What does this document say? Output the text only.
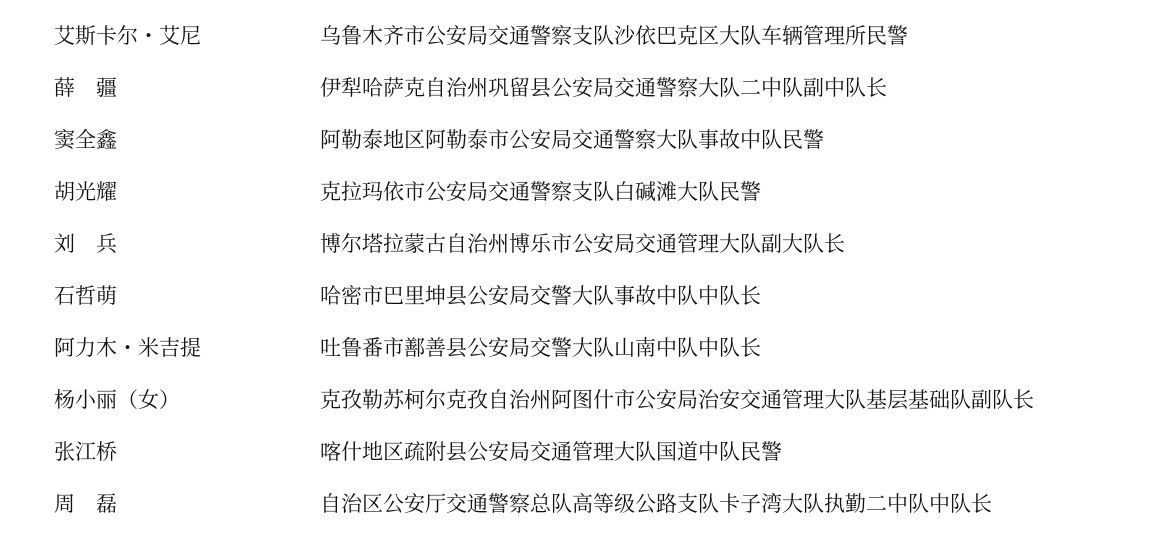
艾斯卡尔・艾尼	乌鲁木齐市公安局交通警察支队沙依巴克区大队车辆管理所民警
薛　疆	伊犁哈萨克自治州巩留县公安局交通警察大队二中队副中队长
窦全鑫	阿勒泰地区阿勒泰市公安局交通警察大队事故中队民警
胡光耀	克拉玛依市公安局交通警察支队白碱滩大队民警
刘　兵	博尔塔拉蒙古自治州博乐市公安局交通管理大队副大队长
石哲萌	哈密市巴里坤县公安局交警大队事故中队中队长
阿力木・米吉提	吐鲁番市鄯善县公安局交警大队山南中队中队长
杨小丽（女）	克孜勒苏柯尔克孜自治州阿图什市公安局治安交通管理大队基层基础队副队长
张江桥	喀什地区疏附县公安局交通管理大队国道中队民警
周　磊	自治区公安厅交通警察总队高等级公路支队卡子湾大队执勤二中队中队长
